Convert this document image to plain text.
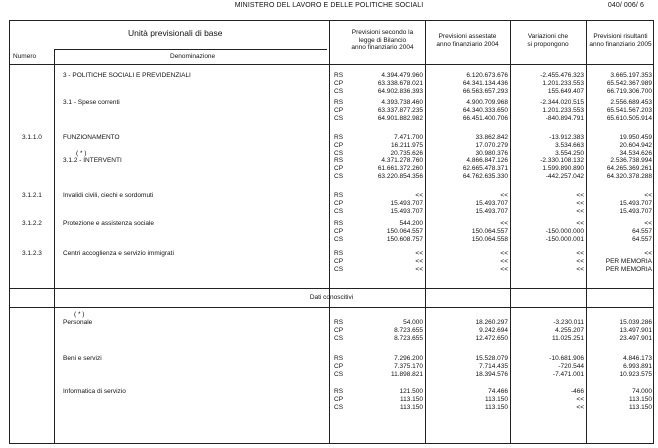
MINISTERO DEL LAVORO E DELLE POLITICHE SOCIALI	040/ 006/ 6
Unità previsionali di base
Numero	Denominazione
Previsioni secondo la
legge di Bilancio
anno finanziario 2004
Previsioni assestate
anno finanziario 2004
Variazioni che
si propongono
Previsioni risultanti
anno finanziario 2005
Dati conoscitivi
( * )
3 - POLITICHE SOCIALI E PREVIDENZIALI	RS	4.394.479.960	6.120.673.676	-2.455.476.323	3.665.197.353
CP	63.338.678.021	64.341.134.436	1.201.233.553	65.542.367.989
CS	64.902.836.393	66.563.657.293	155.649.407	66.719.306.700
3.1 - Spese correnti	RS	4.393.738.460	4.900.709.968	-2.344.020.515	2.556.689.453
CP	63.337.877.235	64.340.333.650	1.201.233.553	65.541.567.203
CS	64.901.882.982	66.451.400.706	-840.894.791	65.610.505.914
3.1.1.0	FUNZIONAMENTO
( * )
RS	7.471.700	33.862.842	-13.912.383	19.950.459
CP	16.211.975	17.070.279	3.534.663	20.604.942
CS	20.735.626	30.980.376	3.554.250	34.534.626
3.1.2 - INTERVENTI	RS	4.371.278.760	4.866.847.126	-2.330.108.132	2.536.738.994
CP	61.661.372.260	62.665.478.371	1.599.890.890	64.265.369.261
CS	63.220.854.356	64.762.635.330	-442.257.042	64.320.378.288
3.1.2.1	Invalidi civili, ciechi e sordomuti	RS	<<	<<	<<	<<
CP	15.493.707	15.493.707	<<	15.493.707
CS	15.493.707	15.493.707	<<	15.493.707
3.1.2.2	Protezione e assistenza sociale	RS	544.200	<<	<<	<<
CP	150.064.557	150.064.557	-150.000.000	64.557
CS	150.608.757	150.064.558	-150.000.001	64.557
3.1.2.3	Centri accoglienza e servizio immigrati	RS	<<	<<	<<	<<
CP	<<	<<	<<	PER MEMORIA
CS	<<	<<	<<	PER MEMORIA
Personale	RS	54.000	18.260.297	-3.230.011	15.039.286
CP	8.723.655	9.242.694	4.255.207	13.497.901
CS	8.723.655	12.472.650	11.025.251	23.497.901
Beni e servizi	RS	7.296.200	15.528.079	-10.681.906	4.846.173
CP	7.375.170	7.714.435	-720.544	6.993.891
CS	11.898.821	18.394.576	-7.471.001	10.923.575
Informatica di servizio	RS	121.500	74.466	-466	74.000
CP	113.150	113.150	<<	113.150
CS	113.150	113.150	<<	113.150
